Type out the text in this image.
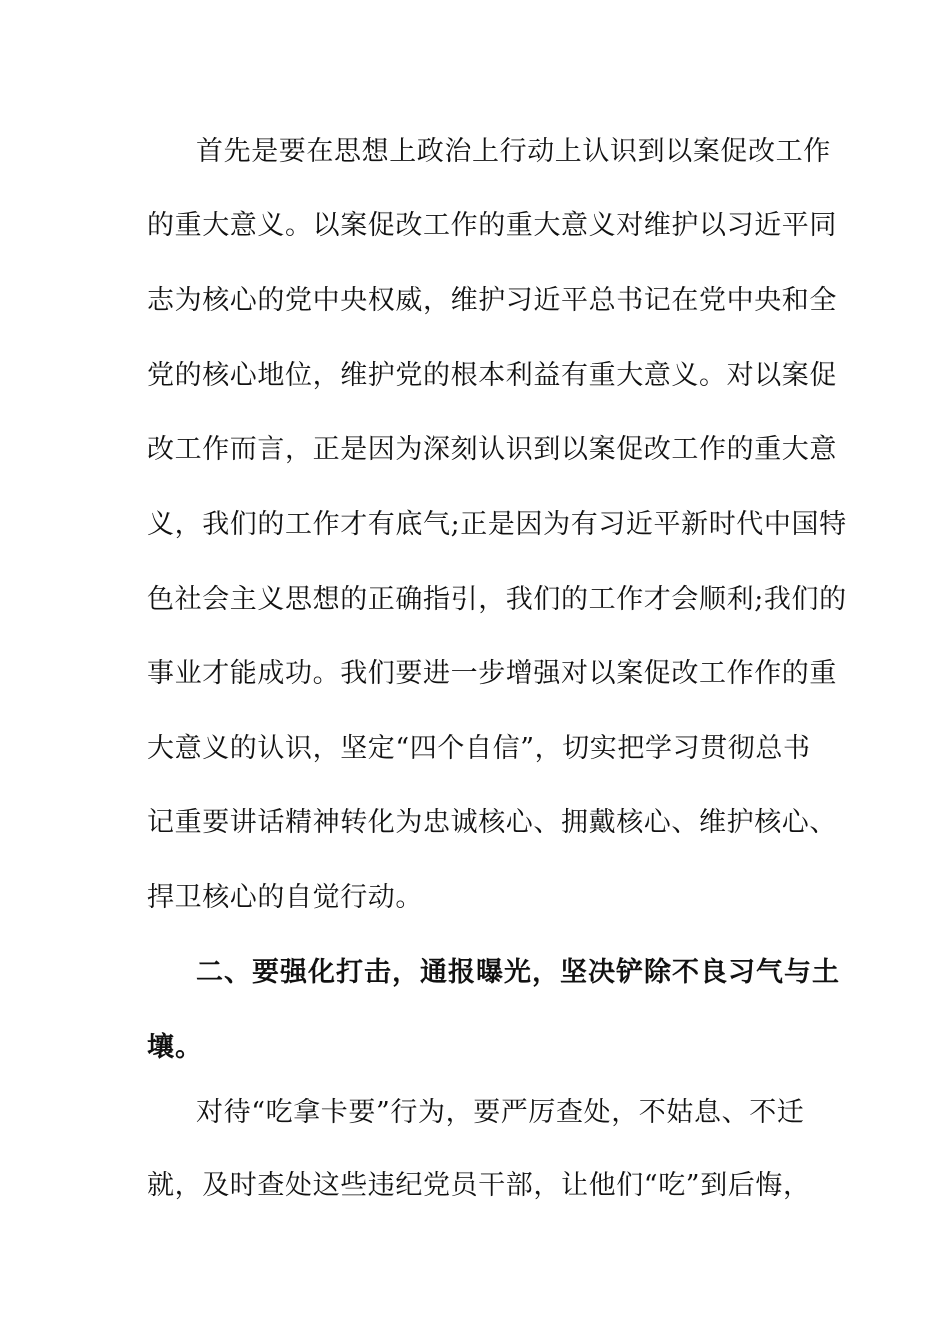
首先是要在思想上政治上行动上认识到以案促改工作
的重大意义。以案促改工作的重大意义对维护以习近平同
志为核心的党中央权威，维护习近平总书记在党中央和全
党的核心地位，维护党的根本利益有重大意义。对以案促
改工作而言，正是因为深刻认识到以案促改工作的重大意
义，我们的工作才有底气;正是因为有习近平新时代中国特
色社会主义思想的正确指引，我们的工作才会顺利;我们的
事业才能成功。我们要进一步增强对以案促改工作作的重
大意义的认识，坚定“四个自信”，切实把学习贯彻总书
记重要讲话精神转化为忠诚核心、拥戴核心、维护核心、
捍卫核心的自觉行动。
二、要强化打击，通报曝光，坚决铲除不良习气与土
壤。
对待“吃拿卡要”行为，要严厉查处，不姑息、不迁
就，及时查处这些违纪党员干部，让他们“吃”到后悔，
